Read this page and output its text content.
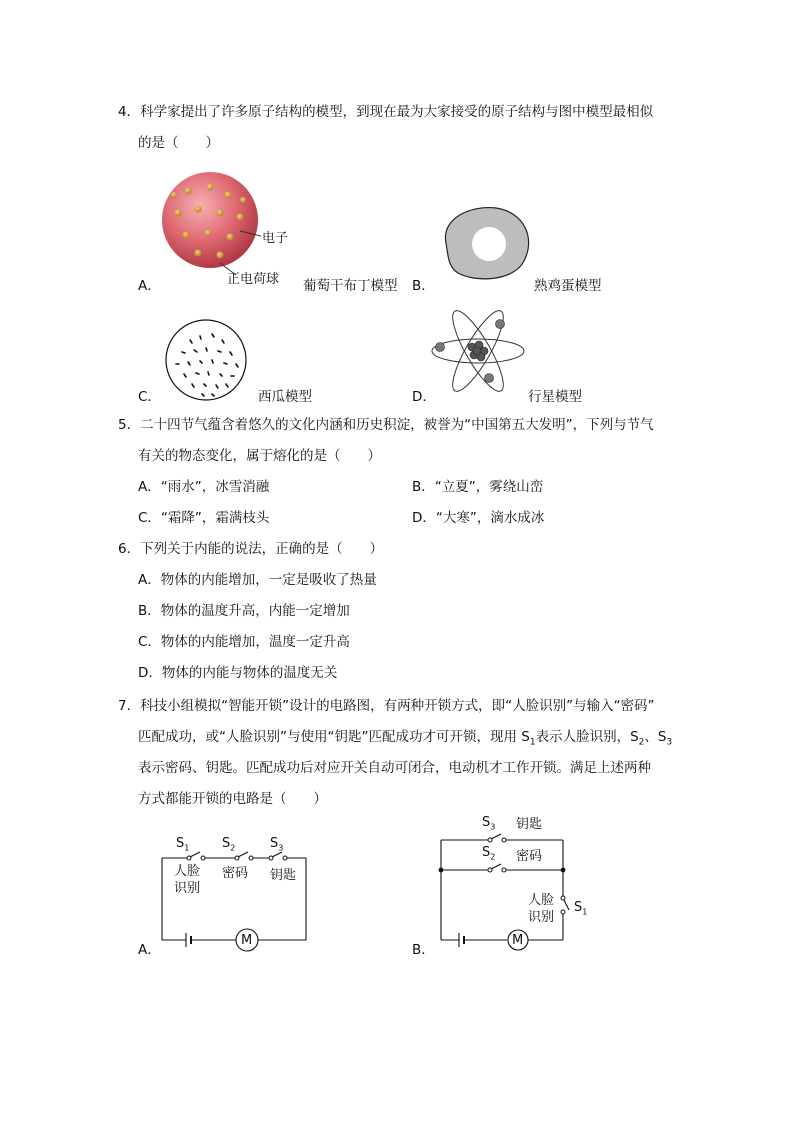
4．科学家提出了许多原子结构的模型，到现在最为大家接受的原子结构与图中模型最相似
的是（　　）
电子
正电荷球
A．	葡萄干布丁模型 B．	熟鸡蛋模型
C．	西瓜模型	D．	行星模型
5．二十四节气蕴含着悠久的文化内涵和历史积淀，被誉为“中国第五大发明”，下列与节气
有关的物态变化，属于熔化的是（　　）
A．“雨水”，冰雪消融	B．“立夏”，雾绕山峦
C．“霜降”，霜满枝头	D．“大寒”，滴水成冰
6．下列关于内能的说法，正确的是（　　）
A．物体的内能增加，一定是吸收了热量
B．物体的温度升高，内能一定增加
C．物体的内能增加，温度一定升高
D．物体的内能与物体的温度无关
7．科技小组模拟“智能开锁”设计的电路图，有两种开锁方式，即“人脸识别”与输入“密码”
匹配成功，或“人脸识别”与使用“钥匙”匹配成功才可开锁，现用 $S_1$表示人脸识别，$S_2$、$S_3$
表示密码、钥匙。匹配成功后对应开关自动可闭合，电动机才工作开锁。满足上述两种
方式都能开锁的电路是（　　）
$S_1$	$S_2$	$S_3$
人脸
识别
密码 钥匙
M
A．
$S_3$ 钥匙
$S_2$ 密码
人脸
识别
$S_1$
M
B．
